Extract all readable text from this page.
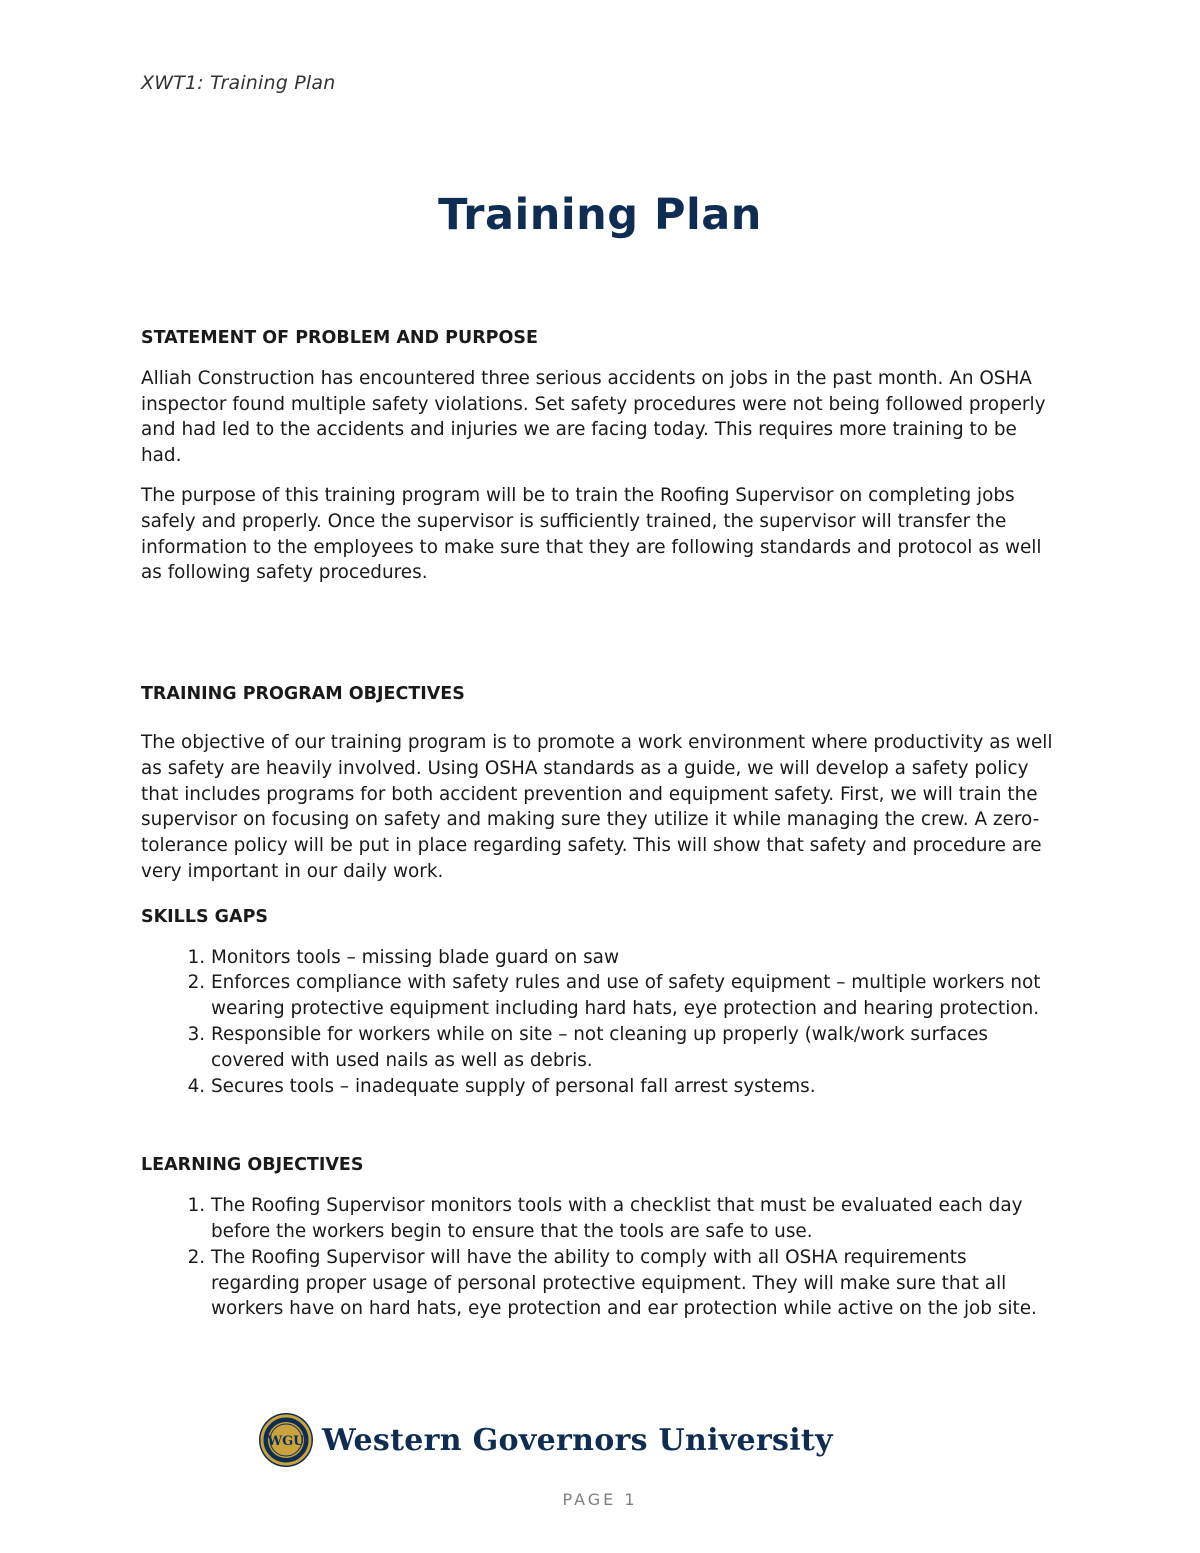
XWT1: Training Plan
Training Plan
STATEMENT OF PROBLEM AND PURPOSE

Alliah Construction has encountered three serious accidents on jobs in the past month. An OSHA inspector found multiple safety violations. Set safety procedures were not being followed properly and had led to the accidents and injuries we are facing today. This requires more training to be had.

The purpose of this training program will be to train the Roofing Supervisor on completing jobs safely and properly. Once the supervisor is sufficiently trained, the supervisor will transfer the information to the employees to make sure that they are following standards and protocol as well as following safety procedures.

TRAINING PROGRAM OBJECTIVES

The objective of our training program is to promote a work environment where productivity as well as safety are heavily involved. Using OSHA standards as a guide, we will develop a safety policy that includes programs for both accident prevention and equipment safety. First, we will train the supervisor on focusing on safety and making sure they utilize it while managing the crew. A zero-tolerance policy will be put in place regarding safety. This will show that safety and procedure are very important in our daily work.

SKILLS GAPS
1. Monitors tools – missing blade guard on saw
2. Enforces compliance with safety rules and use of safety equipment – multiple workers not wearing protective equipment including hard hats, eye protection and hearing protection.
3. Responsible for workers while on site – not cleaning up properly (walk/work surfaces covered with used nails as well as debris.
4. Secures tools – inadequate supply of personal fall arrest systems.
LEARNING OBJECTIVES
1. The Roofing Supervisor monitors tools with a checklist that must be evaluated each day before the workers begin to ensure that the tools are safe to use.
2. The Roofing Supervisor will have the ability to comply with all OSHA requirements regarding proper usage of personal protective equipment. They will make sure that all workers have on hard hats, eye protection and ear protection while active on the job site.
WGU Western Governors University
PAGE 1
